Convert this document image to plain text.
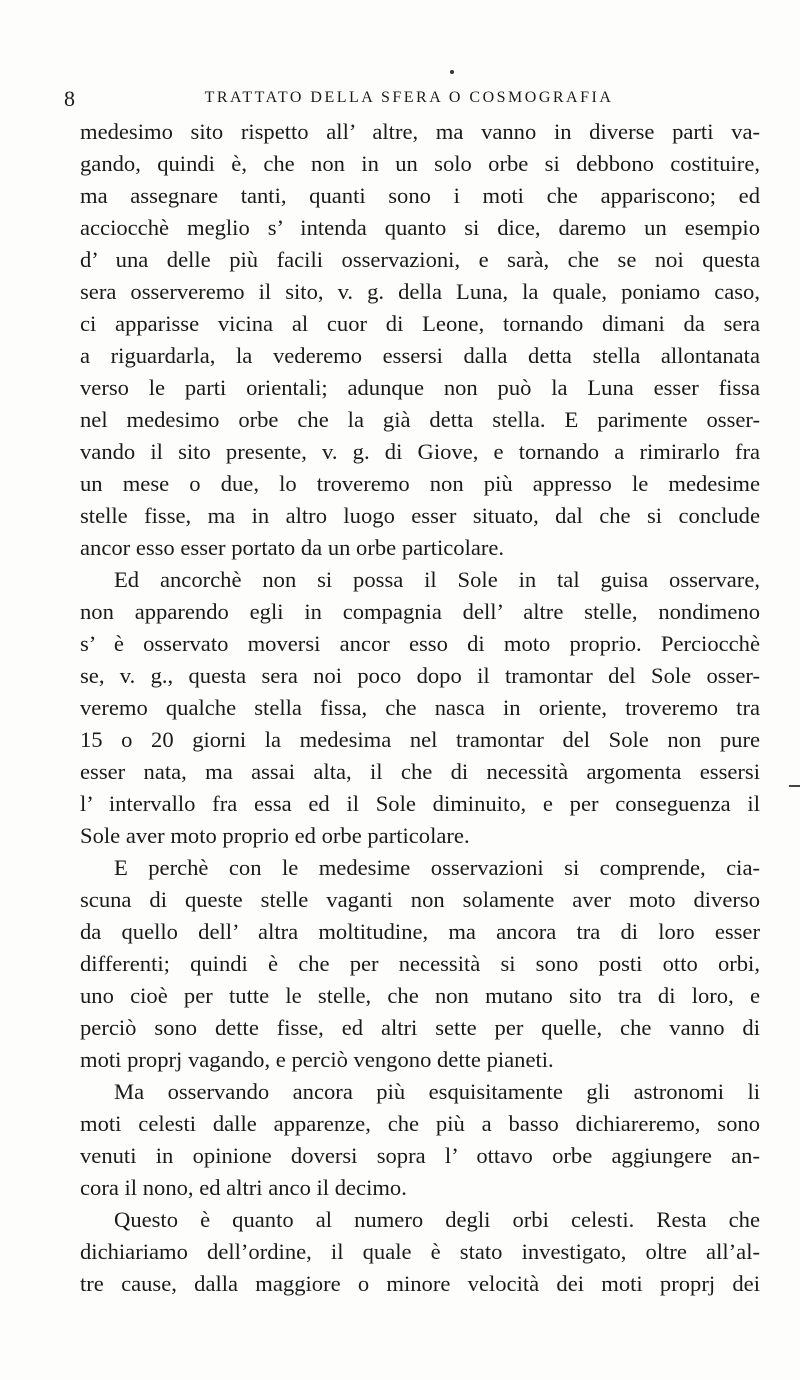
8	TRATTATO DELLA SFERA O COSMOGRAFIA
medesimo sito rispetto all’ altre, ma vanno in diverse parti va-
gando, quindi è, che non in un solo orbe si debbono costituire,
ma assegnare tanti, quanti sono i moti che appariscono; ed
acciocchè meglio s’ intenda quanto si dice, daremo un esempio
d’ una delle più facili osservazioni, e sarà, che se noi questa
sera osserveremo il sito, v. g. della Luna, la quale, poniamo caso,
ci apparisse vicina al cuor di Leone, tornando dimani da sera
a riguardarla, la vederemo essersi dalla detta stella allontanata
verso le parti orientali; adunque non può la Luna esser fissa
nel medesimo orbe che la già detta stella. E parimente osser-
vando il sito presente, v. g. di Giove, e tornando a rimirarlo fra
un mese o due, lo troveremo non più appresso le medesime
stelle fisse, ma in altro luogo esser situato, dal che si conclude
ancor esso esser portato da un orbe particolare.
Ed ancorchè non si possa il Sole in tal guisa osservare,
non apparendo egli in compagnia dell’ altre stelle, nondimeno
s’ è osservato moversi ancor esso di moto proprio. Perciocchè
se, v. g., questa sera noi poco dopo il tramontar del Sole osser-
veremo qualche stella fissa, che nasca in oriente, troveremo tra
15 o 20 giorni la medesima nel tramontar del Sole non pure
esser nata, ma assai alta, il che di necessità argomenta essersi
l’ intervallo fra essa ed il Sole diminuito, e per conseguenza il
Sole aver moto proprio ed orbe particolare.
E perchè con le medesime osservazioni si comprende, cia-
scuna di queste stelle vaganti non solamente aver moto diverso
da quello dell’ altra moltitudine, ma ancora tra di loro esser
differenti; quindi è che per necessità si sono posti otto orbi,
uno cioè per tutte le stelle, che non mutano sito tra di loro, e
perciò sono dette fisse, ed altri sette per quelle, che vanno di
moti proprj vagando, e perciò vengono dette pianeti.
Ma osservando ancora più esquisitamente gli astronomi li
moti celesti dalle apparenze, che più a basso dichiareremo, sono
venuti in opinione doversi sopra l’ ottavo orbe aggiungere an-
cora il nono, ed altri anco il decimo.
Questo è quanto al numero degli orbi celesti. Resta che
dichiariamo dell’ordine, il quale è stato investigato, oltre all’al-
tre cause, dalla maggiore o minore velocità dei moti proprj dei
